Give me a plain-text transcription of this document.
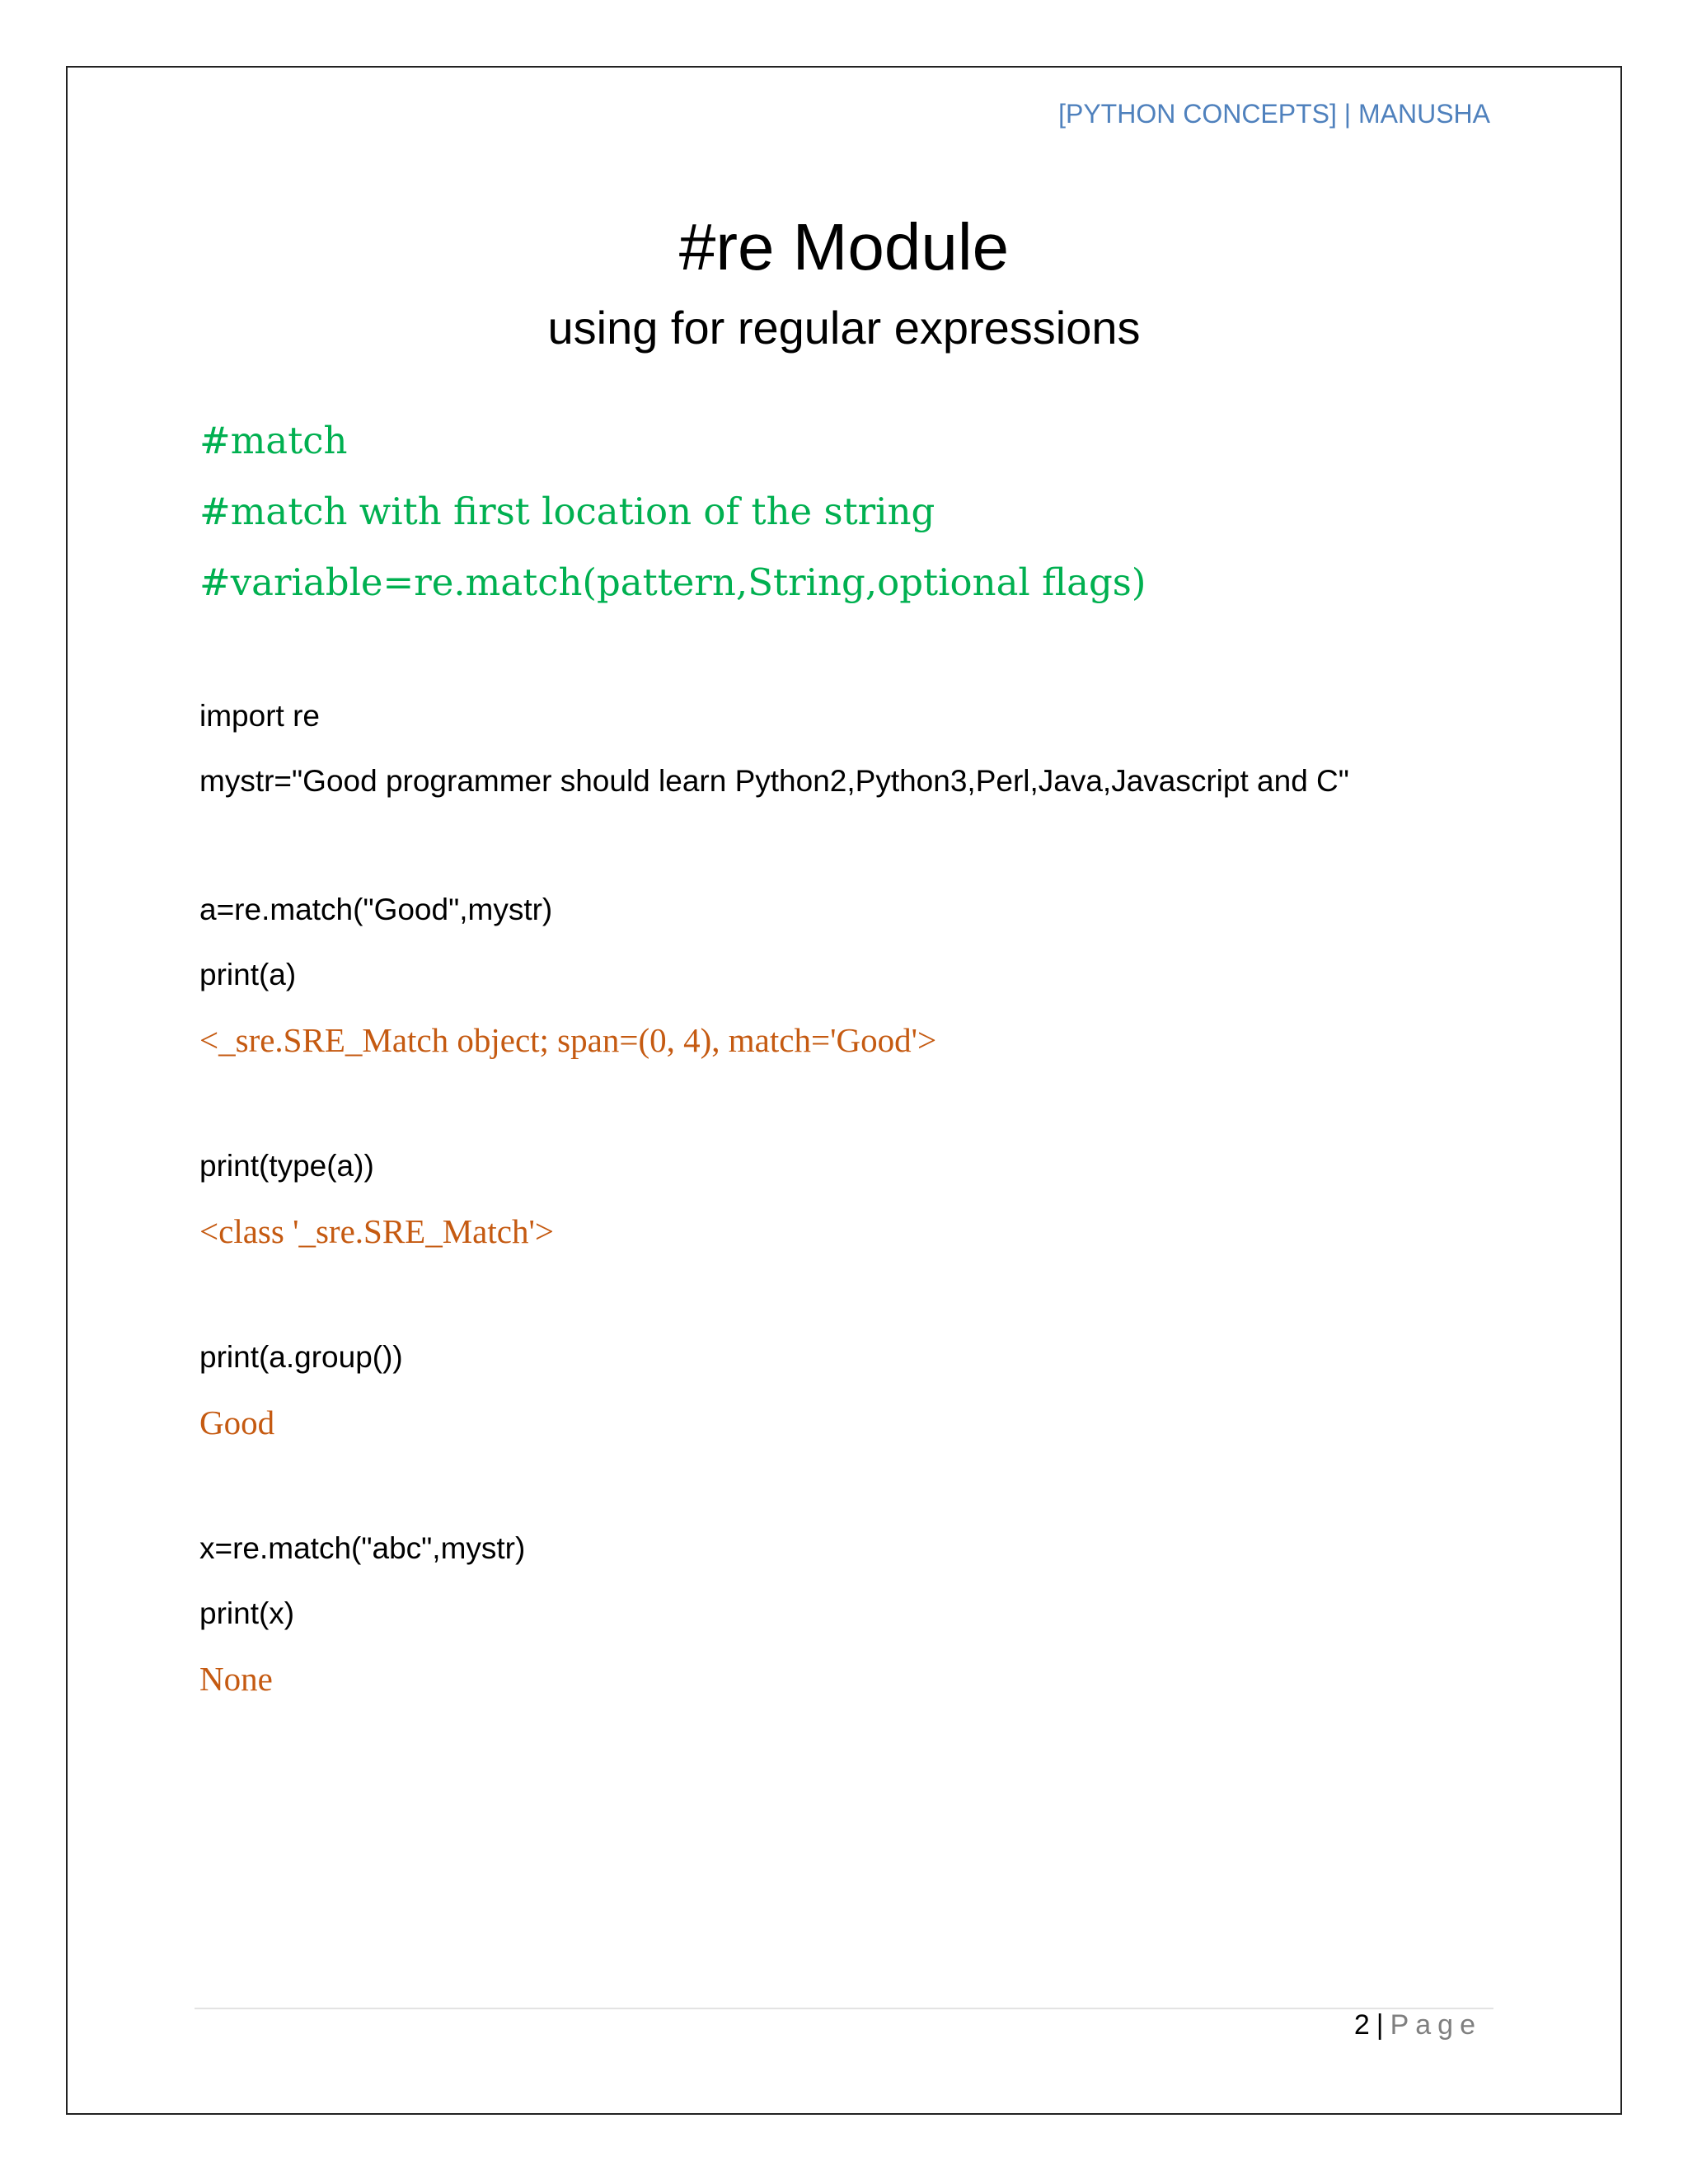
[PYTHON CONCEPTS] | MANUSHA
#re Module
using for regular expressions
#match
#match with first location of the string
#variable=re.match(pattern,String,optional flags)
import re
mystr="Good programmer should learn Python2,Python3,Perl,Java,Javascript and C"
a=re.match("Good",mystr)
print(a)
<_sre.SRE_Match object; span=(0, 4), match='Good'>
print(type(a))
<class '_sre.SRE_Match'>
print(a.group())
Good
x=re.match("abc",mystr)
print(x)
None
2 | Page
